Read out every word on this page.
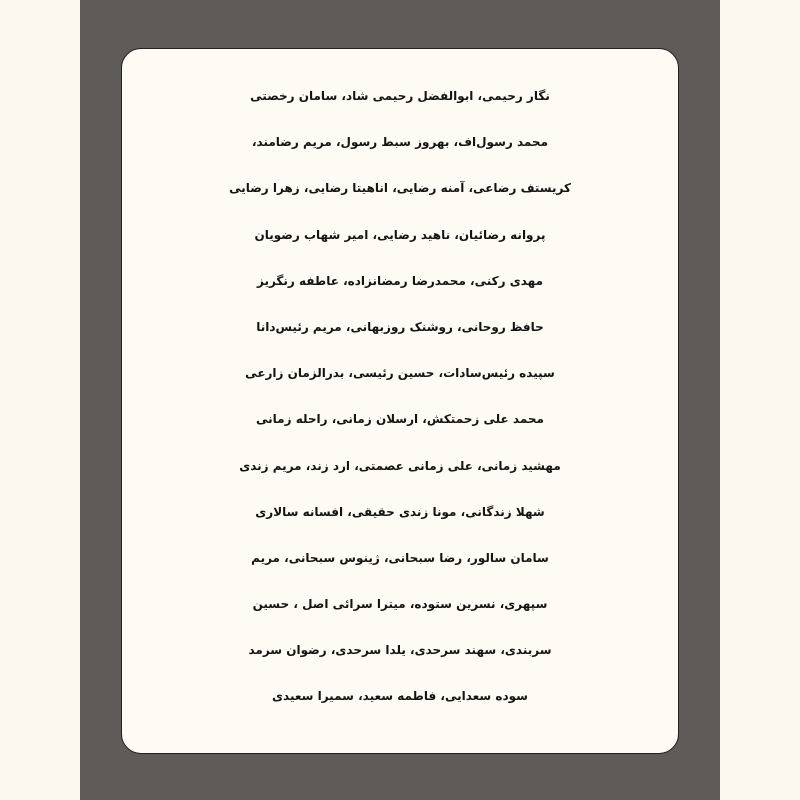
نگار رحیمی، ابوالفضل رحیمی شاد، سامان رخصتی
محمد رسول‌اف، بهروز سبط رسول، مریم رضامند،
کریستف رضاعی، آمنه رضایی، اناهیتا رضایی، زهرا رضایی
پروانه رضائیان، ناهید رضایی، امیر شهاب رضویان
مهدی رکنی، محمدرضا رمضانزاده، عاطفه رنگریز
حافظ روحانی، روشنک روزبهانی، مریم رئیس‌دانا
سپیده رئیس‌سادات، حسین رئیسی، بدرالزمان زارعی
محمد علی زحمتکش، ارسلان زمانی، راحله زمانی
مهشید زمانی، علی زمانی عصمتی، ارد زند، مریم زندی
شهلا زندگانی، مونا زندی حقیقی، افسانه سالاری
سامان سالور، رضا سبحانی، ژینوس سبحانی، مریم
سپهری، نسرین ستوده، میترا سرائی اصل ، حسین
سربندی، سهند سرحدی، یلدا سرحدی، رضوان سرمد
سوده سعدایی، فاطمه سعید، سمیرا سعیدی
